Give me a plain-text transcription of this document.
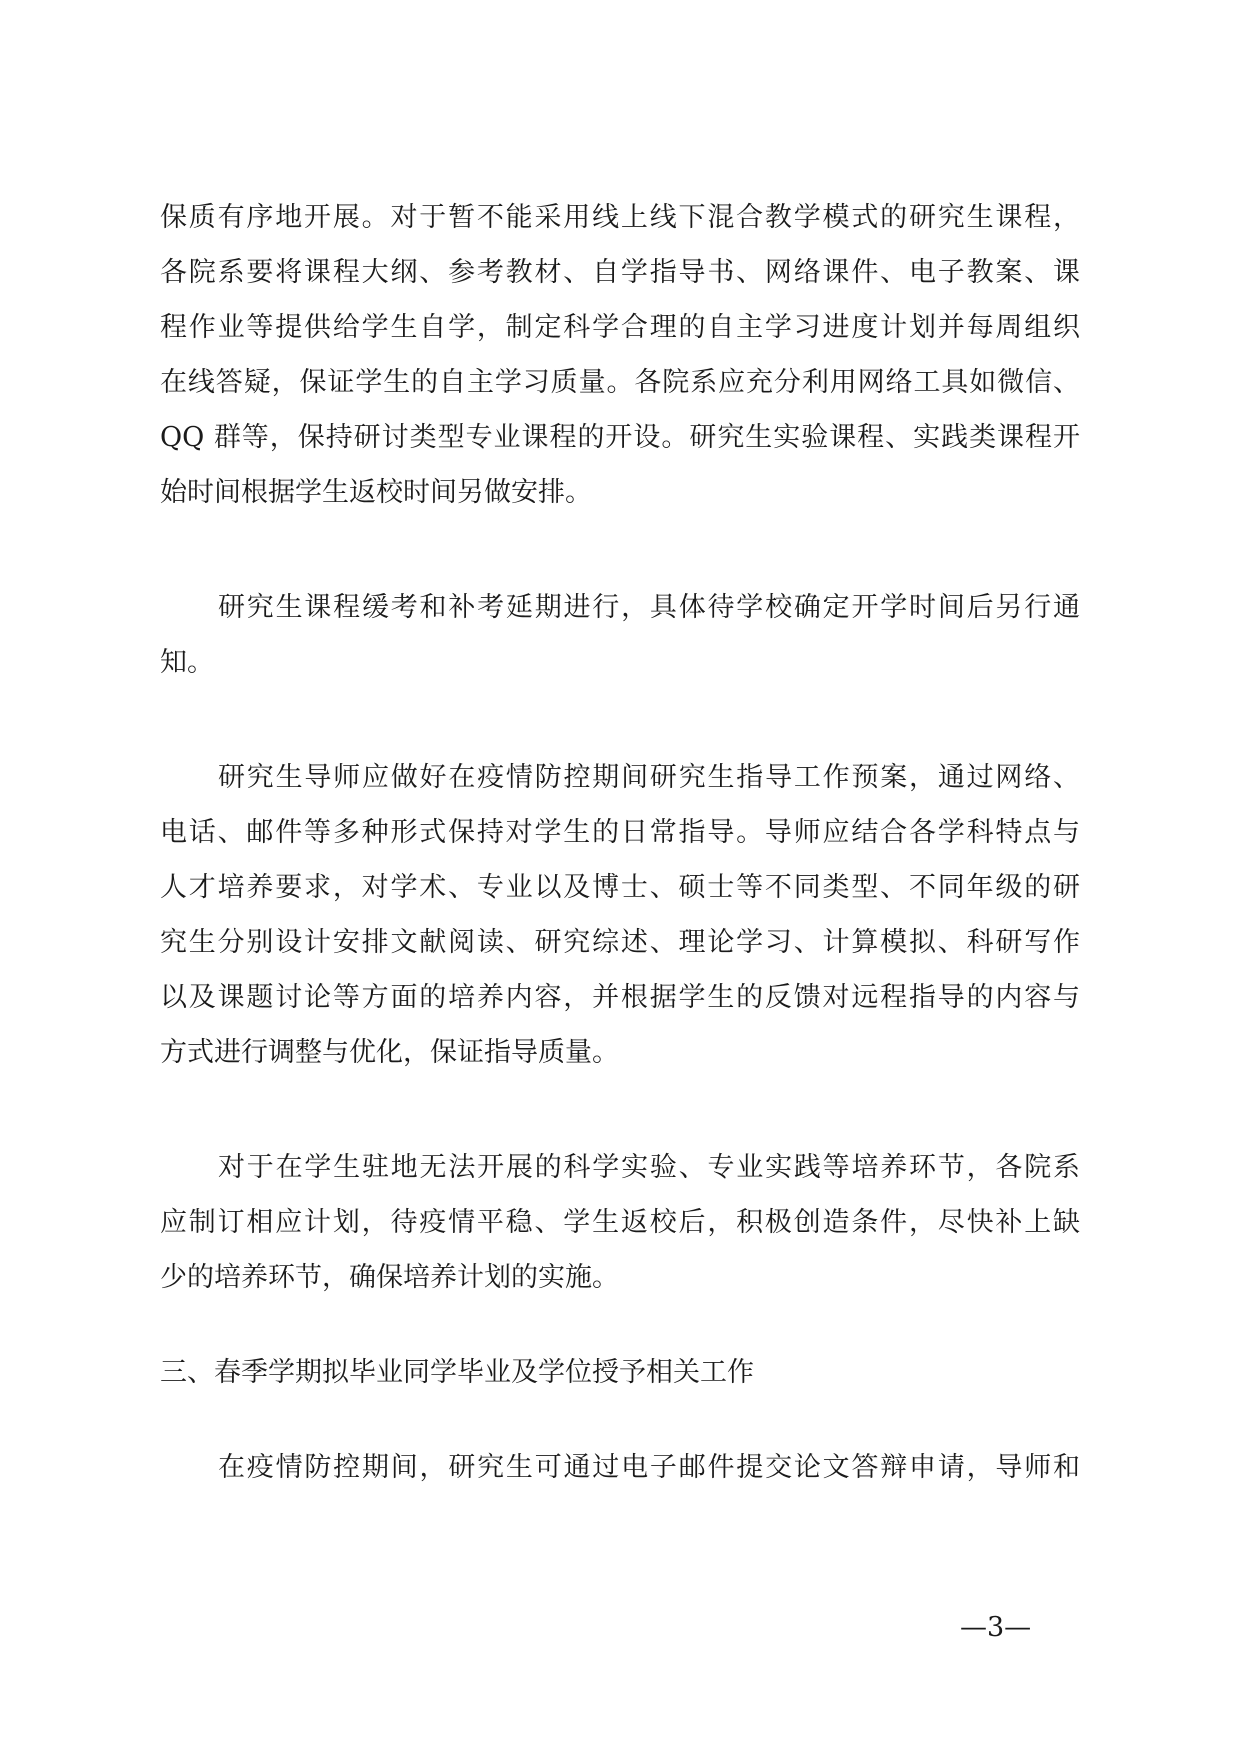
保质有序地开展。对于暂不能采用线上线下混合教学模式的研究生课程，
各院系要将课程大纲、参考教材、自学指导书、网络课件、电子教案、课
程作业等提供给学生自学，制定科学合理的自主学习进度计划并每周组织
在线答疑，保证学生的自主学习质量。各院系应充分利用网络工具如微信、
QQ 群等，保持研讨类型专业课程的开设。研究生实验课程、实践类课程开
始时间根据学生返校时间另做安排。
研究生课程缓考和补考延期进行，具体待学校确定开学时间后另行通
知。
研究生导师应做好在疫情防控期间研究生指导工作预案，通过网络、
电话、邮件等多种形式保持对学生的日常指导。导师应结合各学科特点与
人才培养要求，对学术、专业以及博士、硕士等不同类型、不同年级的研
究生分别设计安排文献阅读、研究综述、理论学习、计算模拟、科研写作
以及课题讨论等方面的培养内容，并根据学生的反馈对远程指导的内容与
方式进行调整与优化，保证指导质量。
对于在学生驻地无法开展的科学实验、专业实践等培养环节，各院系
应制订相应计划，待疫情平稳、学生返校后，积极创造条件，尽快补上缺
少的培养环节，确保培养计划的实施。
三、春季学期拟毕业同学毕业及学位授予相关工作
在疫情防控期间，研究生可通过电子邮件提交论文答辩申请，导师和
—3—
